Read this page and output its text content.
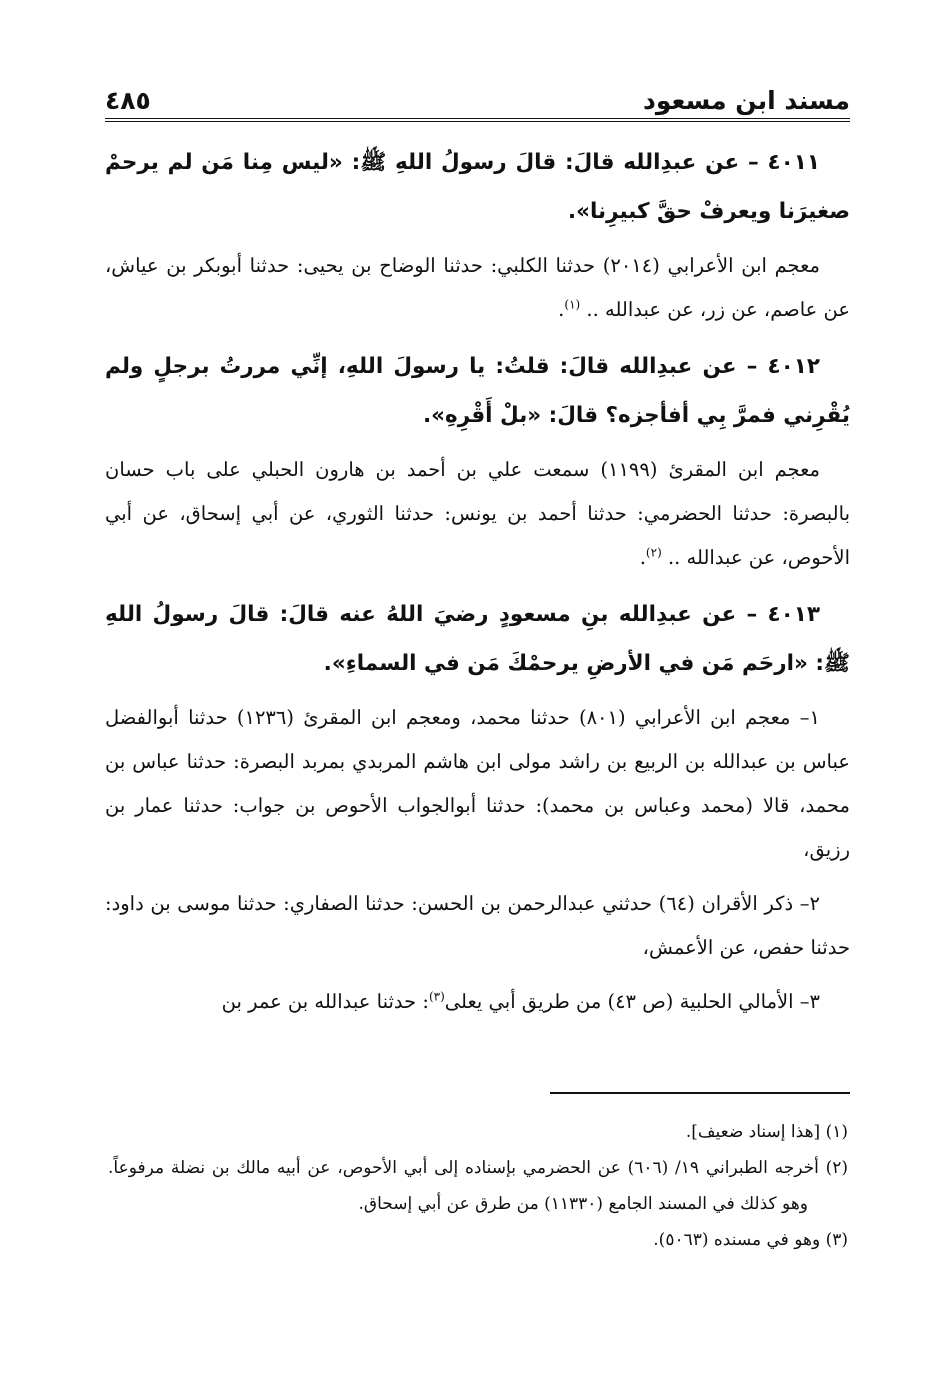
مسند ابن مسعود
٤٨٥

٤٠١١ – عن عبدِالله قالَ: قالَ رسولُ اللهِ ﷺ: «ليس مِنا مَن لم يرحمْ صغيرَنا ويعرفْ حقَّ كبيرِنا».

معجم ابن الأعرابي (٢٠١٤) حدثنا الكلبي: حدثنا الوضاح بن يحيى: حدثنا أبوبكر بن عياش، عن عاصم، عن زر، عن عبدالله .. $^{(١)}$.

٤٠١٢ – عن عبدِالله قالَ: قلتُ: يا رسولَ اللهِ، إنِّي مررتُ برجلٍ ولم يُقْرِني فمرَّ بِي أفأجزه؟ قالَ: «بلْ أَقْرِهِ».

معجم ابن المقرئ (١١٩٩) سمعت علي بن أحمد بن هارون الحبلي على باب حسان بالبصرة: حدثنا الحضرمي: حدثنا أحمد بن يونس: حدثنا الثوري، عن أبي إسحاق، عن أبي الأحوص، عن عبدالله .. $^{(٢)}$.

٤٠١٣ – عن عبدِالله بنِ مسعودٍ رضيَ اللهُ عنه قالَ: قالَ رسولُ اللهِ ﷺ: «ارحَم مَن في الأرضِ يرحمْكَ مَن في السماءِ».

١– معجم ابن الأعرابي (٨٠١) حدثنا محمد، ومعجم ابن المقرئ (١٢٣٦) حدثنا أبوالفضل عباس بن عبدالله بن الربيع بن راشد مولى ابن هاشم المربدي بمربد البصرة: حدثنا عباس بن محمد، قالا (محمد وعباس بن محمد): حدثنا أبوالجواب الأحوص بن جواب: حدثنا عمار بن رزيق،

٢– ذكر الأقران (٦٤) حدثني عبدالرحمن بن الحسن: حدثنا الصفاري: حدثنا موسى بن داود: حدثنا حفص، عن الأعمش،

٣– الأمالي الحلبية (ص ٤٣) من طريق أبي يعلى$^{(٣)}$: حدثنا عبدالله بن عمر بن

(١) [هذا إسناد ضعيف].

(٢) أخرجه الطبراني ١٩/ (٦٠٦) عن الحضرمي بإسناده إلى أبي الأحوص، عن أبيه مالك بن نضلة مرفوعاً. وهو كذلك في المسند الجامع (١١٣٣٠) من طرق عن أبي إسحاق.

(٣) وهو في مسنده (٥٠٦٣).
